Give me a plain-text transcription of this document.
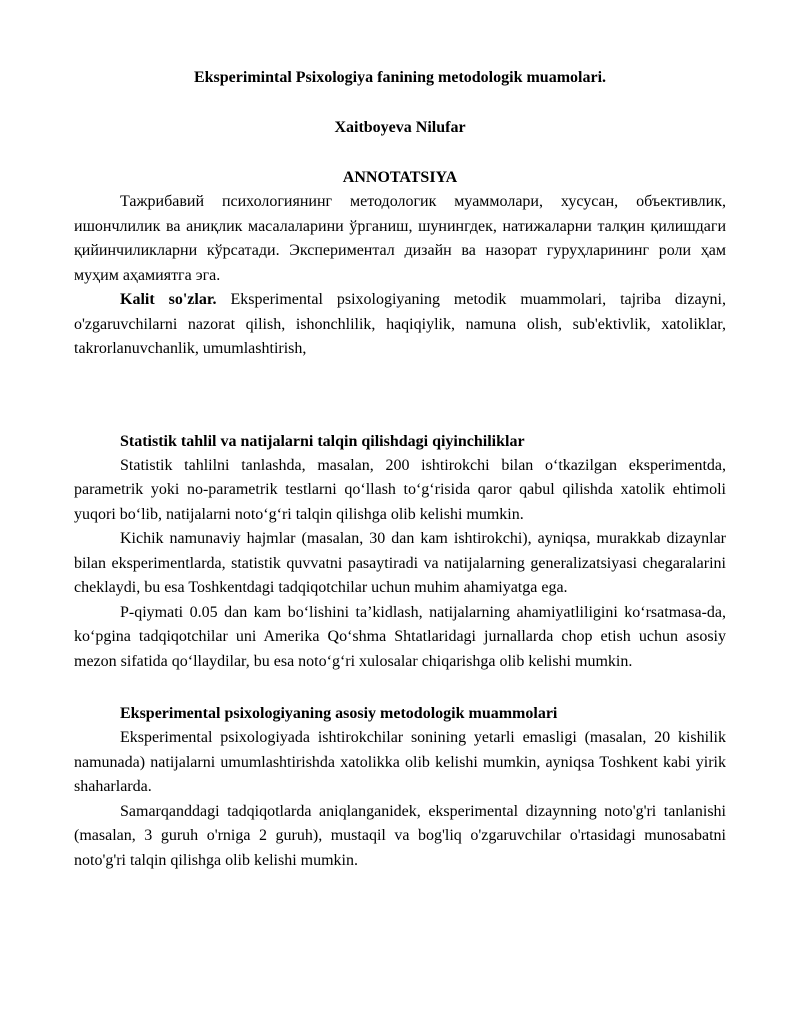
Eksperimintal Psixologiya fanining metodologik muamolari.

Xaitboyeva Nilufar

ANNOTATSIYA

Тажрибавий психологиянинг методологик муаммолари, хусусан, объективлик, ишончлилик ва аниқлик масалаларини ўрганиш, шунингдек, натижаларни талқин қилишдаги қийинчиликларни кўрсатади. Экспериментал дизайн ва назорат гуруҳларининг роли ҳам муҳим аҳамиятга эга.

Kalit so'zlar. Eksperimental psixologiyaning metodik muammolari, tajriba dizayni, o'zgaruvchilarni nazorat qilish, ishonchlilik, haqiqiylik, namuna olish, sub'ektivlik, xatoliklar, takrorlanuvchanlik, umumlashtirish,

Statistik tahlil va natijalarni talqin qilishdagi qiyinchiliklar

Statistik tahlilni tanlashda, masalan, 200 ishtirokchi bilan o‘tkazilgan eksperimentda, parametrik yoki no-parametrik testlarni qo‘llash to‘g‘risida qaror qabul qilishda xatolik ehtimoli yuqori bo‘lib, natijalarni noto‘g‘ri talqin qilishga olib kelishi mumkin.

Kichik namunaviy hajmlar (masalan, 30 dan kam ishtirokchi), ayniqsa, murakkab dizaynlar bilan eksperimentlarda, statistik quvvatni pasaytiradi va natijalarning generalizatsiyasi chegaralarini cheklaydi, bu esa Toshkentdagi tadqiqotchilar uchun muhim ahamiyatga ega.

P-qiymati 0.05 dan kam bo‘lishini ta’kidlash, natijalarning ahamiyatliligini ko‘rsatmasa-da, ko‘pgina tadqiqotchilar uni Amerika Qo‘shma Shtatlaridagi jurnallarda chop etish uchun asosiy mezon sifatida qo‘llaydilar, bu esa noto‘g‘ri xulosalar chiqarishga olib kelishi mumkin.

Eksperimental psixologiyaning asosiy metodologik muammolari

Eksperimental psixologiyada ishtirokchilar sonining yetarli emasligi (masalan, 20 kishilik namunada) natijalarni umumlashtirishda xatolikka olib kelishi mumkin, ayniqsa Toshkent kabi yirik shaharlarda.

Samarqanddagi tadqiqotlarda aniqlanganidek, eksperimental dizaynning noto'g'ri tanlanishi (masalan, 3 guruh o'rniga 2 guruh), mustaqil va bog'liq o'zgaruvchilar o'rtasidagi munosabatni noto'g'ri talqin qilishga olib kelishi mumkin.
